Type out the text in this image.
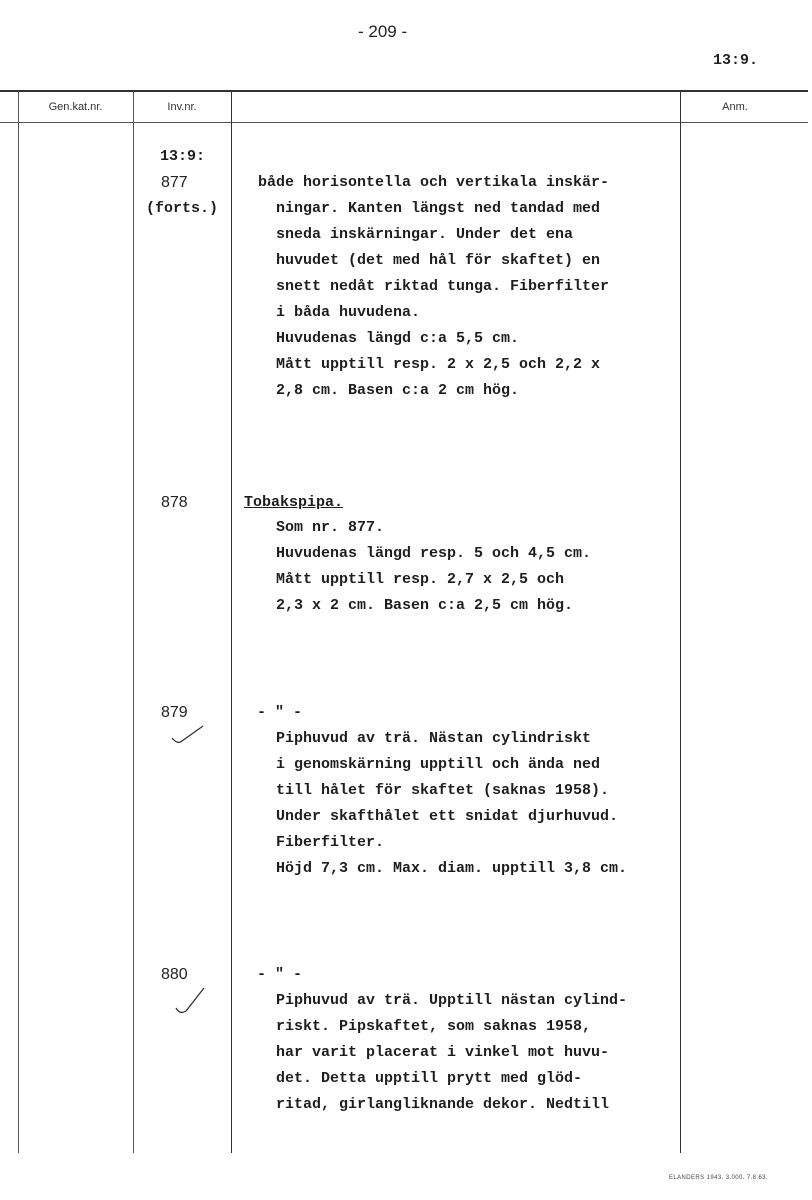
- 209 -
13:9.
Gen.kat.nr.	Inv.nr.	Anm.
13:9:
877
(forts.)
både horisontella och vertikala inskär-
ningar. Kanten längst ned tandad med
sneda inskärningar. Under det ena
huvudet (det med hål för skaftet) en
snett nedåt riktad tunga. Fiberfilter
i båda huvudena.
Huvudenas längd c:a 5,5 cm.
Mått upptill resp. 2 x 2,5 och 2,2 x
2,8 cm. Basen c:a 2 cm hög.
878	Tobakspipa.
Som nr. 877.
Huvudenas längd resp. 5 och 4,5 cm.
Mått upptill resp. 2,7 x 2,5 och
2,3 x 2 cm. Basen c:a 2,5 cm hög.
879	- " -
Piphuvud av trä. Nästan cylindriskt
i genomskärning upptill och ända ned
till hålet för skaftet (saknas 1958).
Under skafthålet ett snidat djurhuvud.
Fiberfilter.
Höjd 7,3 cm. Max. diam. upptill 3,8 cm.
880	- " -
Piphuvud av trä. Upptill nästan cylind-
riskt. Pipskaftet, som saknas 1958,
har varit placerat i vinkel mot huvu-
det. Detta upptill prytt med glöd-
ritad, girlangliknande dekor. Nedtill
ELANDERS 1943. 3.000. 7.8.63.
